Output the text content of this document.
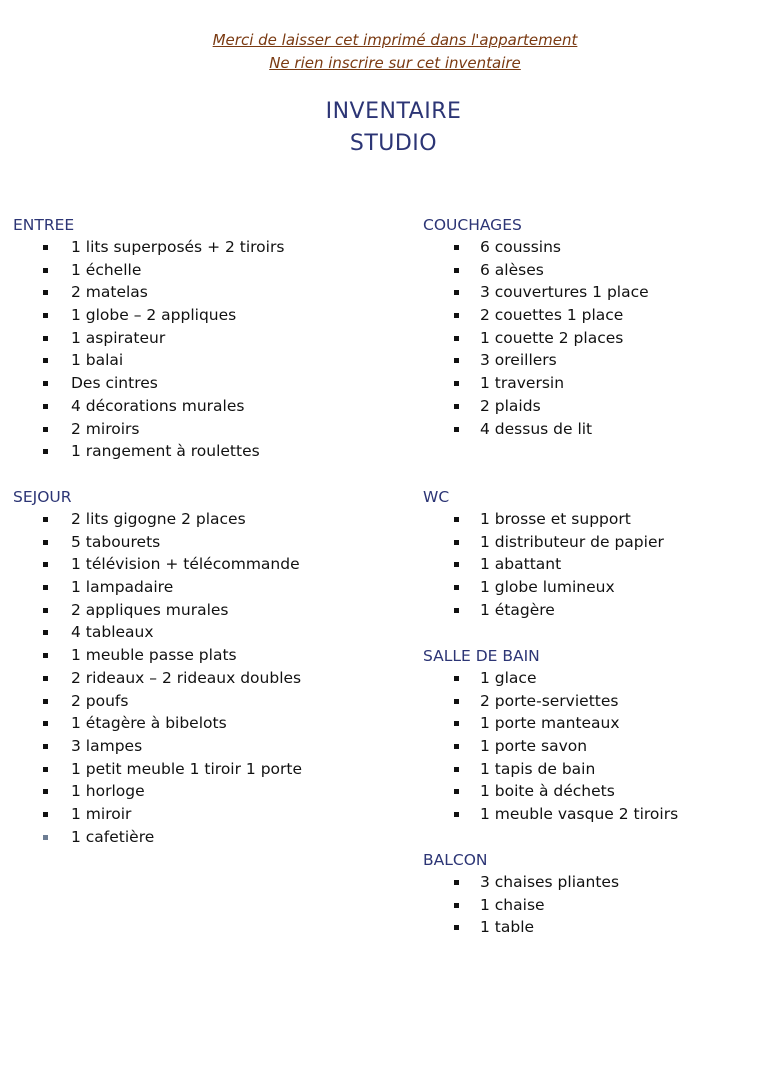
Merci de laisser cet imprimé dans l'appartement
Ne rien inscrire sur cet inventaire
INVENTAIRE
STUDIO
ENTREE
1 lits superposés + 2 tiroirs
1 échelle
2 matelas
1 globe – 2 appliques
1 aspirateur
1 balai
Des cintres
4 décorations murales
2 miroirs
1 rangement à roulettes
SEJOUR
2 lits gigogne 2 places
5 tabourets
1 télévision + télécommande
1 lampadaire
2 appliques murales
4 tableaux
1 meuble passe plats
2 rideaux – 2 rideaux doubles
2 poufs
1 étagère à bibelots
3 lampes
1 petit meuble 1 tiroir 1 porte
1 horloge
1 miroir
1 cafetière
COUCHAGES
6 coussins
6 alèses
3 couvertures 1 place
2 couettes 1 place
1 couette 2 places
3 oreillers
1 traversin
2 plaids
4 dessus de lit
WC
1 brosse et support
1 distributeur de papier
1 abattant
1 globe lumineux
1 étagère
SALLE DE BAIN
1 glace
2 porte-serviettes
1 porte manteaux
1 porte savon
1 tapis de bain
1 boite à déchets
1 meuble vasque 2 tiroirs
BALCON
3 chaises pliantes
1 chaise
1 table
